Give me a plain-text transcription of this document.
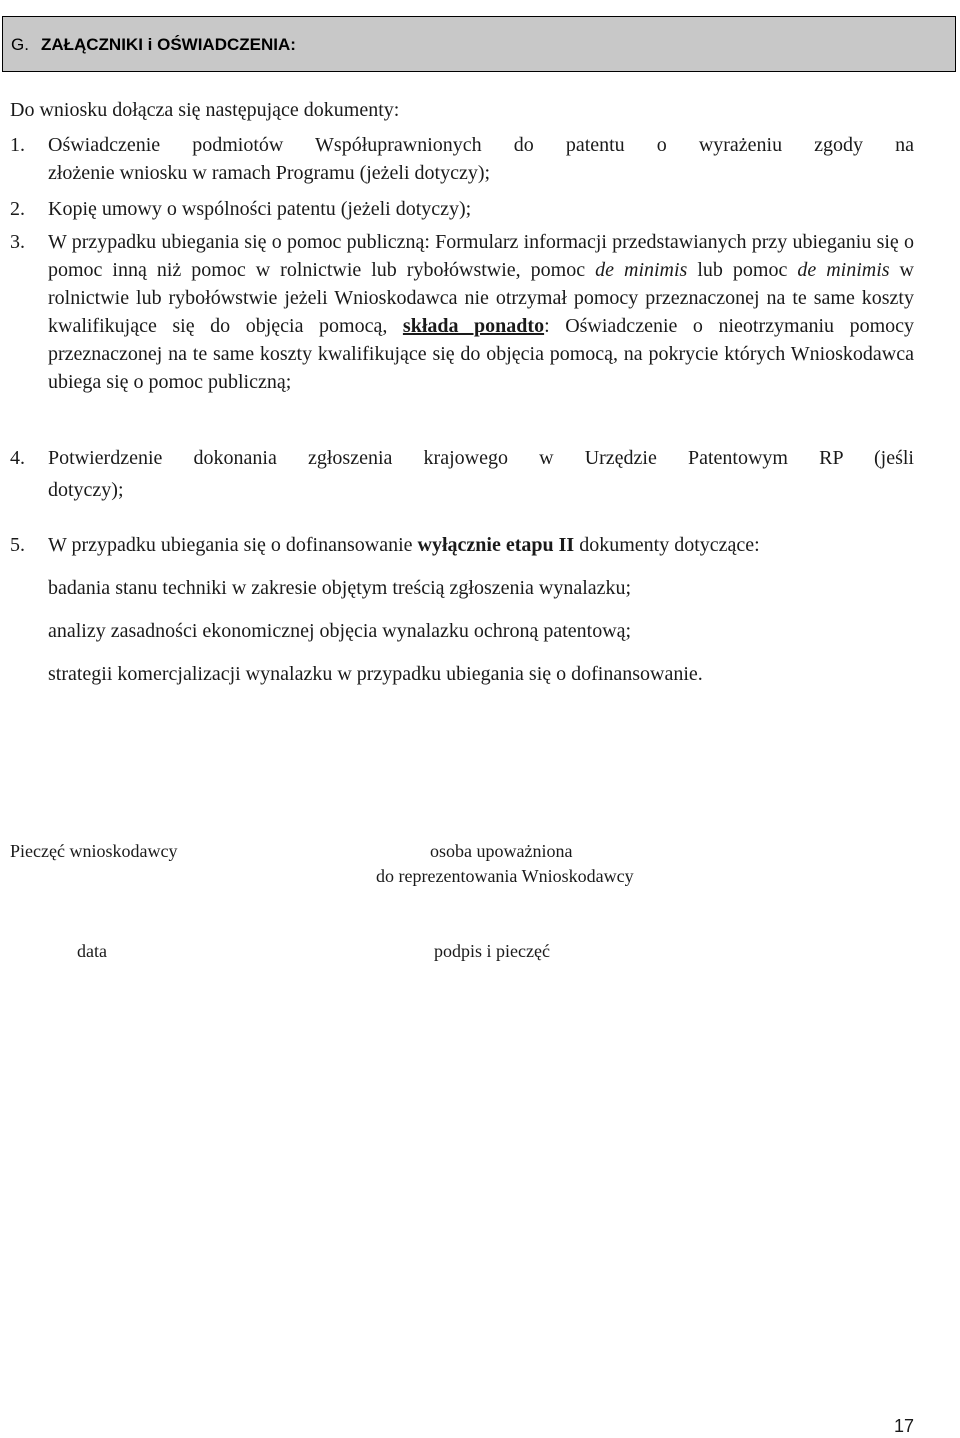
G. ZAŁĄCZNIKI i OŚWIADCZENIA:
Do wniosku dołącza się następujące dokumenty:
1. Oświadczenie podmiotów Współuprawnionych do patentu o wyrażeniu zgody na
złożenie wniosku w ramach Programu (jeżeli dotyczy);
2. Kopię umowy o wspólności patentu (jeżeli dotyczy);
3. W przypadku ubiegania się o pomoc publiczną: Formularz informacji przedstawianych przy ubieganiu się o pomoc inną niż pomoc w rolnictwie lub rybołówstwie, pomoc de minimis lub pomoc de minimis w rolnictwie lub rybołówstwie jeżeli Wnioskodawca nie otrzymał pomocy przeznaczonej na te same koszty kwalifikujące się do objęcia pomocą, składa ponadto: Oświadczenie o nieotrzymaniu pomocy przeznaczonej na te same koszty kwalifikujące się do objęcia pomocą, na pokrycie których Wnioskodawca ubiega się o pomoc publiczną;
4. Potwierdzenie dokonania zgłoszenia krajowego w Urzędzie Patentowym RP (jeśli
dotyczy);
5. W przypadku ubiegania się o dofinansowanie wyłącznie etapu II dokumenty dotyczące:
badania stanu techniki w zakresie objętym treścią zgłoszenia wynalazku;
analizy zasadności ekonomicznej objęcia wynalazku ochroną patentową;
strategii komercjalizacji wynalazku w przypadku ubiegania się o dofinansowanie.
Pieczęć wnioskodawcy	osoba upoważniona
do reprezentowania Wnioskodawcy
data	podpis i pieczęć
17
